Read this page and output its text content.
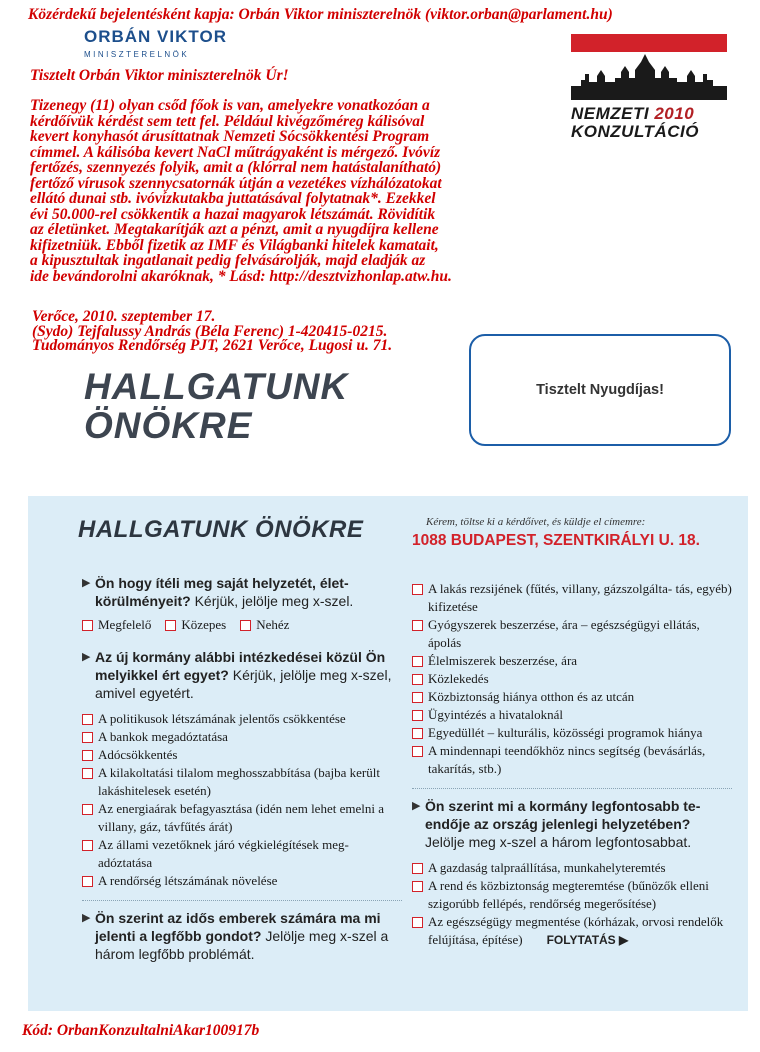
Közérdekű bejelentésként kapja: Orbán Viktor miniszterelnök (viktor.orban@parlament.hu)
ORBÁN VIKTOR
MINISZTERELNÖK
NEMZETI 2010
KONZULTÁCIÓ
Tisztelt Orbán Viktor miniszterelnök Úr!
Tizenegy (11) olyan csőd főok is van, amelyekre vonatkozóan a
kérdőívük kérdést sem tett fel. Például kivégzőméreg kálisóval
kevert konyhasót árusíttatnak Nemzeti Sócsökkentési Program
címmel. A kálisóba kevert NaCl műtrágyaként is mérgező. Ivóvíz
fertőzés, szennyezés folyik, amit a (klórral nem hatástalanítható)
fertőző vírusok szennycsatornák útján a vezetékes vízhálózatokat
ellátó dunai stb. ivóvízkutakba juttatásával folytatnak*. Ezekkel
évi 50.000-rel csökkentik a hazai magyarok létszámát. Rövidítik
az életünket. Megtakarítják azt a pénzt, amit a nyugdíjra kellene
kifizetniük. Ebből fizetik az IMF és Világbanki hitelek kamatait,
a kipusztultak ingatlanait pedig felvásárolják, majd eladják az
ide bevándorolni akaróknak, * Lásd: http://desztvizhonlap.atw.hu.
Verőce, 2010. szeptember 17.
(Sydo) Tejfalussy András (Béla Ferenc) 1-420415-0215.
Tudományos Rendőrség PJT, 2621 Verőce, Lugosi u. 71.
HALLGATUNK
ÖNÖKRE
Tisztelt Nyugdíjas!
HALLGATUNK ÖNÖKRE	Kérem, töltse ki a kérdőívet, és küldje el címemre:
1088 BUDAPEST, SZENTKIRÁLYI U. 18.
▶ Ön hogy ítéli meg saját helyzetét, élet- körülményeit? Kérjük, jelölje meg x-szel.
Megfelelő	Közepes	Nehéz
▶ Az új kormány alábbi intézkedései közül Ön melyikkel ért egyet? Kérjük, jelölje meg x-szel, amivel egyetért.
A politikusok létszámának jelentős csökkentése
A bankok megadóztatása
Adócsökkentés
A kilakoltatási tilalom meghosszabbítása (bajba került lakáshitelesek esetén)
Az energiaárak befagyasztása (idén nem lehet emelni a villany, gáz, távfűtés árát)
Az állami vezetőknek járó végkielégítések meg- adóztatása
A rendőrség létszámának növelése
▶ Ön szerint az idős emberek számára ma mi jelenti a legfőbb gondot? Jelölje meg x-szel a három legfőbb problémát.
A lakás rezsijének (fűtés, villany, gázszolgálta- tás, egyéb) kifizetése
Gyógyszerek beszerzése, ára – egészségügyi ellátás, ápolás
Élelmiszerek beszerzése, ára
Közlekedés
Közbiztonság hiánya otthon és az utcán
Ügyintézés a hivataloknál
Egyedüllét – kulturális, közösségi programok hiánya
A mindennapi teendőkhöz nincs segítség (bevásárlás, takarítás, stb.)
▶ Ön szerint mi a kormány legfontosabb te- endője az ország jelenlegi helyzetében? Jelölje meg x-szel a három legfontosabbat.
A gazdaság talpraállítása, munkahelyteremtés
A rend és közbiztonság megteremtése (bűnözők elleni szigorúbb fellépés, rendőrség megerősítése)
Az egészségügy megmentése (kórházak, orvosi rendelők felújítása, építése) FOLYTATÁS ▶
Kód: OrbanKonzultalniAkar100917b
